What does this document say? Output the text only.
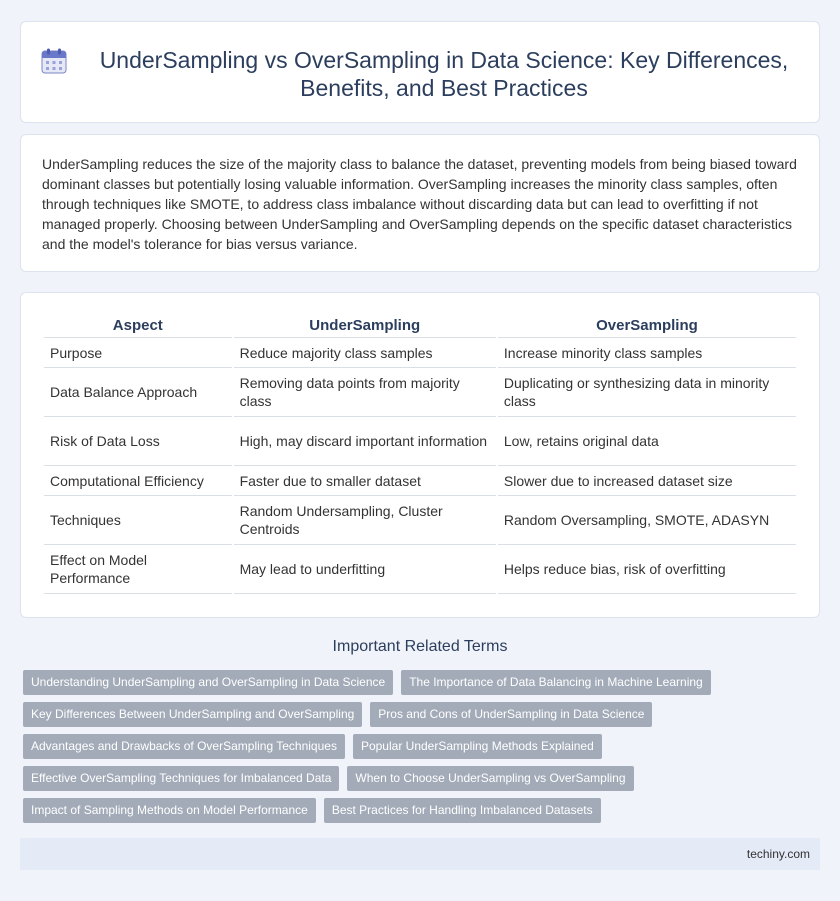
UnderSampling vs OverSampling in Data Science: Key Differences, Benefits, and Best Practices

UnderSampling reduces the size of the majority class to balance the dataset, preventing models from being biased toward dominant classes but potentially losing valuable information. OverSampling increases the minority class samples, often through techniques like SMOTE, to address class imbalance without discarding data but can lead to overfitting if not managed properly. Choosing between UnderSampling and OverSampling depends on the specific dataset characteristics and the model's tolerance for bias versus variance.

Aspect	UnderSampling	OverSampling
Purpose	Reduce majority class samples	Increase minority class samples
Data Balance Approach	Removing data points from majority class	Duplicating or synthesizing data in minority class
Risk of Data Loss	High, may discard important information	Low, retains original data
Computational Efficiency	Faster due to smaller dataset	Slower due to increased dataset size
Techniques	Random Undersampling, Cluster Centroids	Random Oversampling, SMOTE, ADASYN
Effect on Model Performance	May lead to underfitting	Helps reduce bias, risk of overfitting
Important Related Terms
Understanding UnderSampling and OverSampling in Data Science	The Importance of Data Balancing in Machine Learning
Key Differences Between UnderSampling and OverSampling	Pros and Cons of UnderSampling in Data Science
Advantages and Drawbacks of OverSampling Techniques	Popular UnderSampling Methods Explained
Effective OverSampling Techniques for Imbalanced Data	When to Choose UnderSampling vs OverSampling
Impact of Sampling Methods on Model Performance	Best Practices for Handling Imbalanced Datasets
techiny.com
